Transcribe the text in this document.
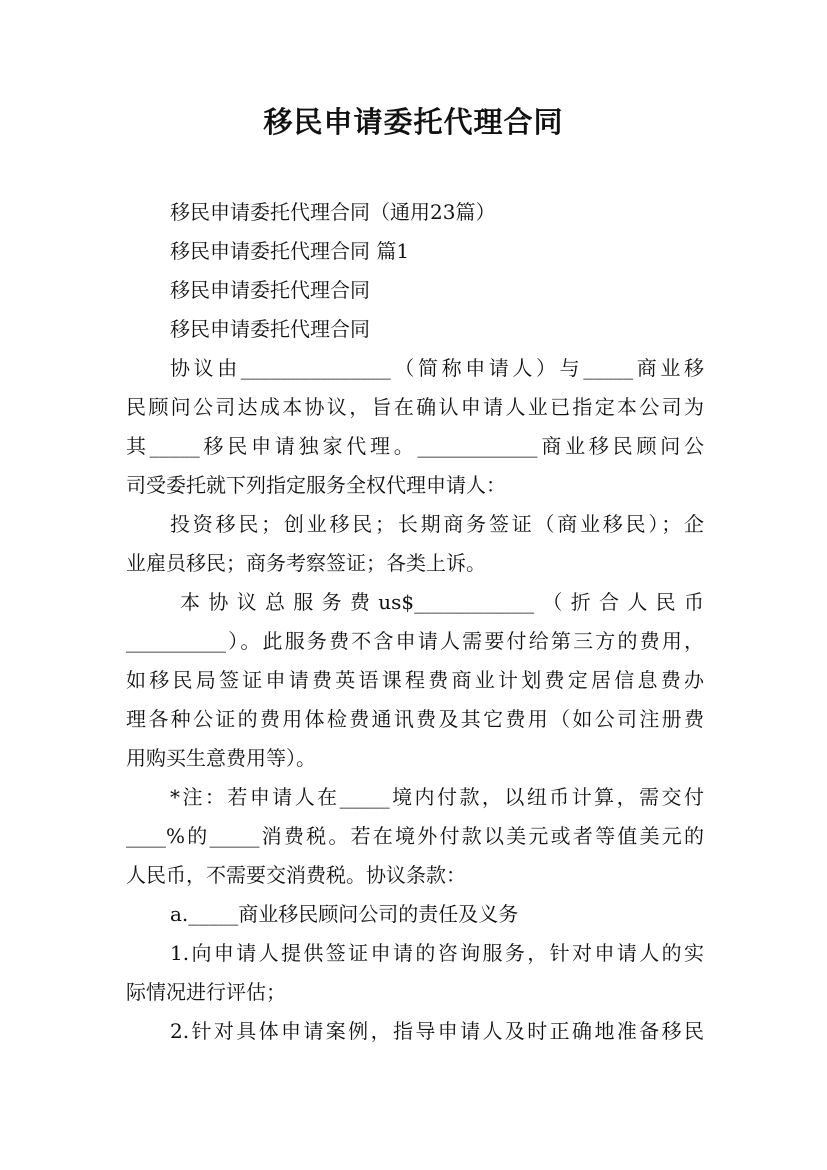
移民申请委托代理合同
移民申请委托代理合同（通用23篇）
移民申请委托代理合同 篇1
移民申请委托代理合同
移民申请委托代理合同
协议由_______________（简称申请人）与_____商业移
民顾问公司达成本协议，旨在确认申请人业已指定本公司为
其_____移民申请独家代理。____________商业移民顾问公
司受委托就下列指定服务全权代理申请人：
投资移民；创业移民；长期商务签证（商业移民）；企
业雇员移民；商务考察签证；各类上诉。
本协议总服务费us$____________（折合人民币
__________）。此服务费不含申请人需要付给第三方的费用，
如移民局签证申请费英语课程费商业计划费定居信息费办
理各种公证的费用体检费通讯费及其它费用（如公司注册费
用购买生意费用等）。
*注：若申请人在_____境内付款，以纽币计算，需交付
____%的_____消费税。若在境外付款以美元或者等值美元的
人民币，不需要交消费税。协议条款：
a._____商业移民顾问公司的责任及义务
1.向申请人提供签证申请的咨询服务，针对申请人的实
际情况进行评估；
2.针对具体申请案例，指导申请人及时正确地准备移民
